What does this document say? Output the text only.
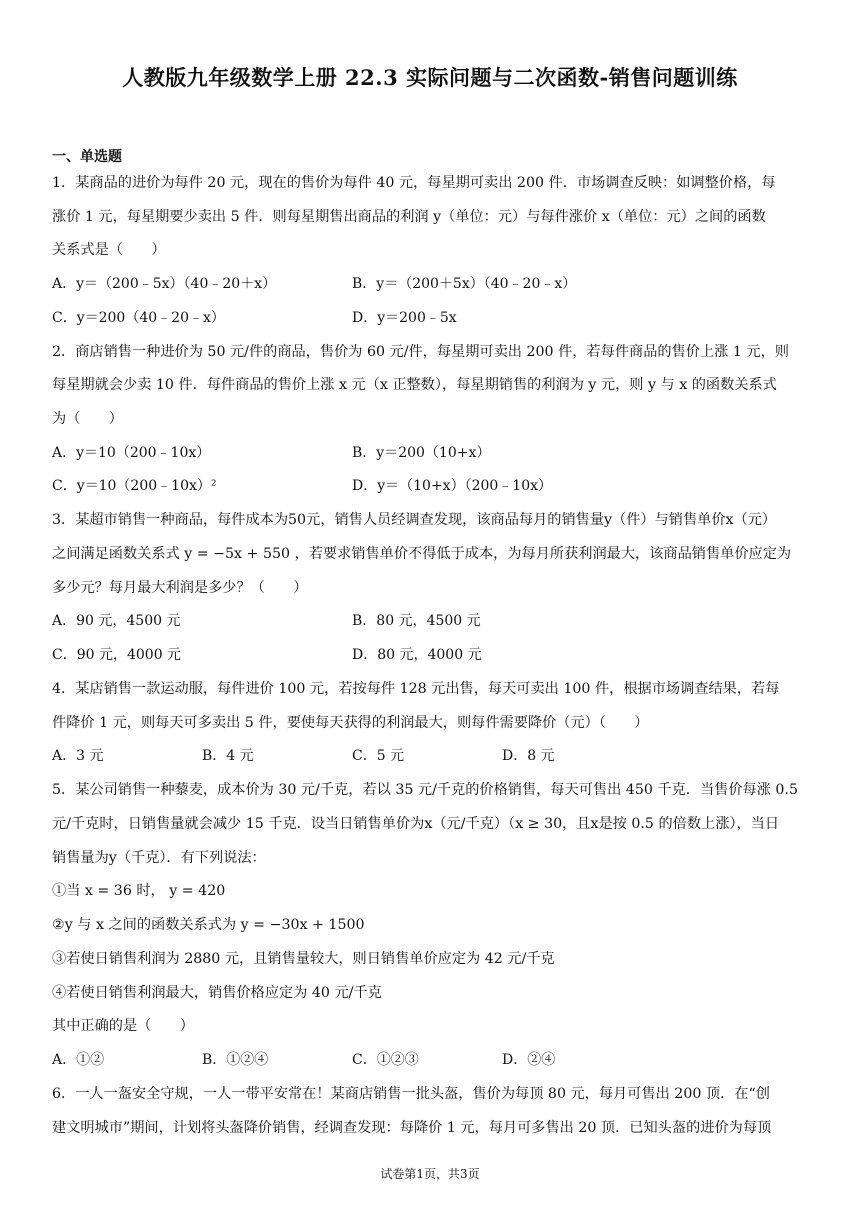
人教版九年级数学上册 22.3 实际问题与二次函数-销售问题训练
一、单选题
1．某商品的进价为每件 20 元，现在的售价为每件 40 元，每星期可卖出 200 件．市场调查反映：如调整价格，每
涨价 1 元，每星期要少卖出 5 件．则每星期售出商品的利润 y（单位：元）与每件涨价 x（单位：元）之间的函数
关系式是（　　）
A．y＝（200﹣5x）（40﹣20＋x）	B．y＝（200＋5x）（40﹣20﹣x）
C．y＝200（40﹣20﹣x）	D．y＝200﹣5x
2．商店销售一种进价为 50 元/件的商品，售价为 60 元/件，每星期可卖出 200 件，若每件商品的售价上涨 1 元，则
每星期就会少卖 10 件．每件商品的售价上涨 x 元（x 正整数），每星期销售的利润为 y 元，则 y 与 x 的函数关系式
为（　　）
A．y＝10（200﹣10x）	B．y＝200（10+x）
C．y＝10（200﹣10x）²	D．y＝（10+x）（200﹣10x）
3．某超市销售一种商品，每件成本为50元，销售人员经调查发现，该商品每月的销售量y（件）与销售单价x（元）
之间满足函数关系式 y = −5x + 550 ，若要求销售单价不得低于成本，为每月所获利润最大，该商品销售单价应定为
多少元？每月最大利润是多少？（　　）
A．90 元，4500 元	B．80 元，4500 元
C．90 元，4000 元	D．80 元，4000 元
4．某店销售一款运动服，每件进价 100 元，若按每件 128 元出售，每天可卖出 100 件，根据市场调查结果，若每
件降价 1 元，则每天可多卖出 5 件，要使每天获得的利润最大，则每件需要降价（元）（　　）
A．3 元	B．4 元	C．5 元	D．8 元
5．某公司销售一种藜麦，成本价为 30 元/千克，若以 35 元/千克的价格销售，每天可售出 450 千克．当售价每涨 0.5
元/千克时，日销售量就会减少 15 千克．设当日销售单价为x（元/千克）（x ≥ 30，且x是按 0.5 的倍数上涨），当日
销售量为y（千克）．有下列说法：
①当 x = 36 时， y = 420
②y 与 x 之间的函数关系式为 y = −30x + 1500
③若使日销售利润为 2880 元，且销售量较大，则日销售单价应定为 42 元/千克
④若使日销售利润最大，销售价格应定为 40 元/千克
其中正确的是（　　）
A．①②	B．①②④	C．①②③	D．②④
6．一人一盔安全守规，一人一带平安常在！某商店销售一批头盔，售价为每顶 80 元，每月可售出 200 顶．在“创
建文明城市”期间，计划将头盔降价销售，经调查发现：每降价 1 元，每月可多售出 20 顶．已知头盔的进价为每顶
试卷第1页，共3页
